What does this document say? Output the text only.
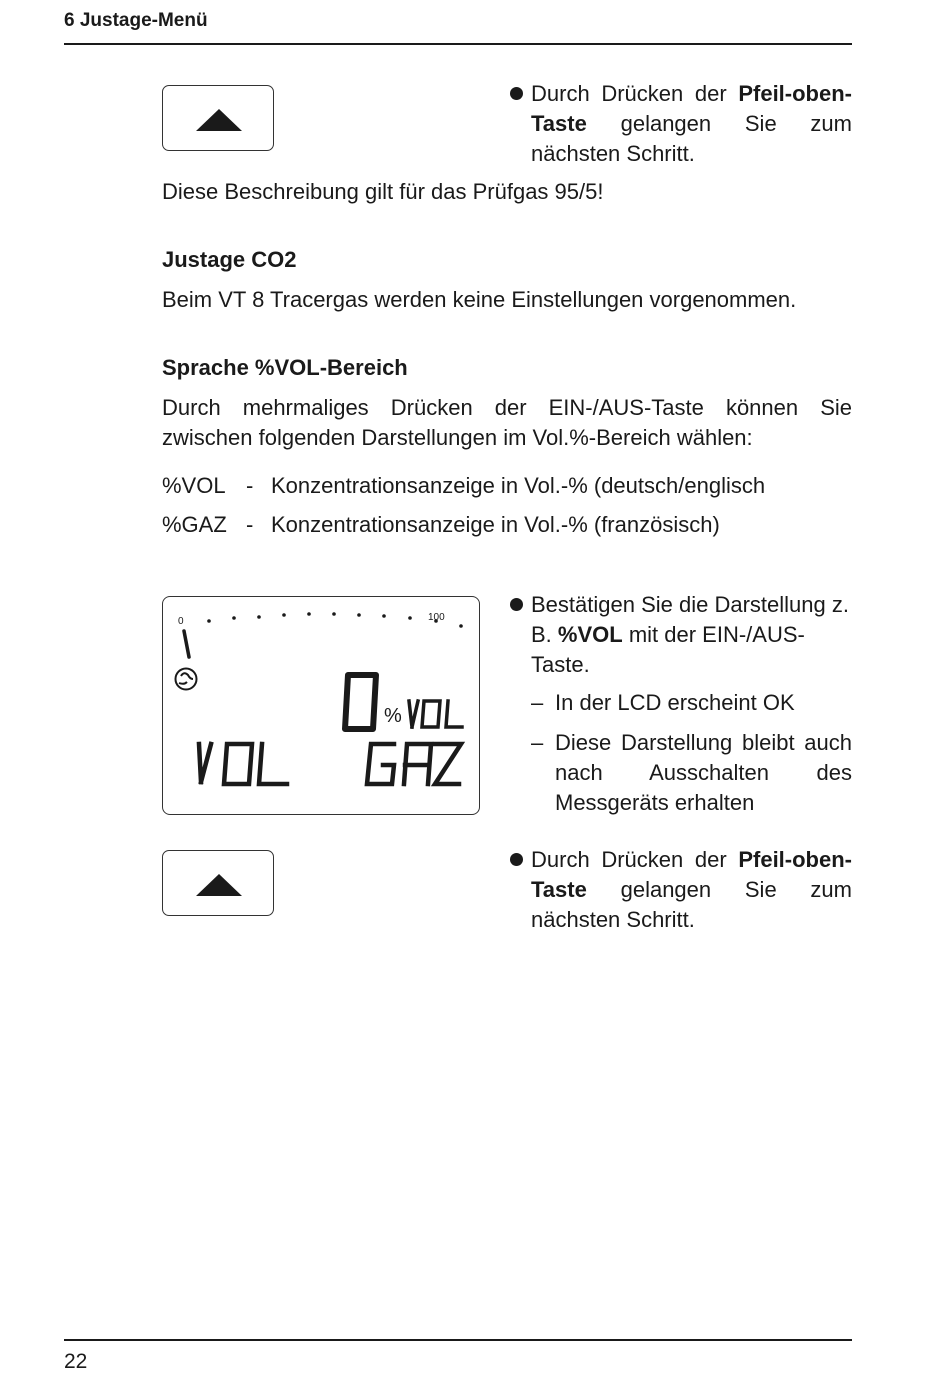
6 Justage-Menü
Durch Drücken der Pfeil-oben-Taste gelangen Sie zum nächsten Schritt.
Diese Beschreibung gilt für das Prüfgas 95/5!
Justage CO2
Beim VT 8 Tracergas werden keine Einstellungen vorgenommen.
Sprache %VOL-Bereich
Durch mehrmaliges Drücken der EIN-/AUS-Taste können Sie zwischen folgenden Darstellungen im Vol.%-Bereich wählen:
%VOL - Konzentrationsanzeige in Vol.-% (deutsch/englisch
%GAZ - Konzentrationsanzeige in Vol.-% (französisch)
0	100
%
Bestätigen Sie die Darstellung z. B. %VOL mit der EIN-/AUS-Taste.
– In der LCD erscheint OK
– Diese Darstellung bleibt auch nach Ausschalten des Messgeräts erhalten
Durch Drücken der Pfeil-oben-Taste gelangen Sie zum nächsten Schritt.
22
